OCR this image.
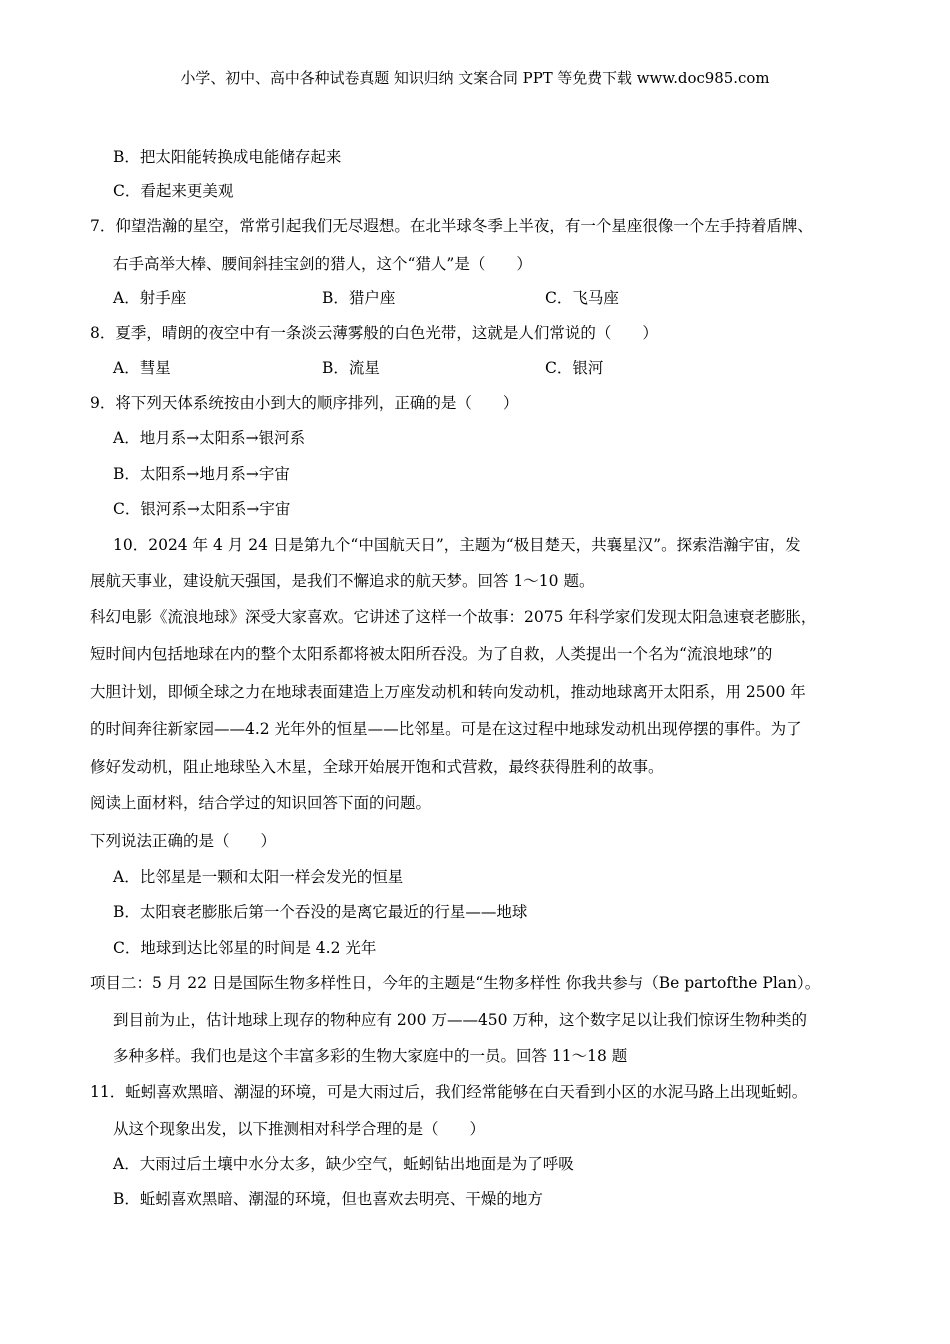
小学、初中、高中各种试卷真题 知识归纳 文案合同 PPT 等免费下载 www.doc985.com
B．把太阳能转换成电能储存起来
C．看起来更美观
7．仰望浩瀚的星空，常常引起我们无尽遐想。在北半球冬季上半夜，有一个星座很像一个左手持着盾牌、
右手高举大棒、腰间斜挂宝剑的猎人，这个“猎人”是（　　）
A．射手座	B．猎户座	C．飞马座
8．夏季，晴朗的夜空中有一条淡云薄雾般的白色光带，这就是人们常说的（　　）
A．彗星	B．流星	C．银河
9．将下列天体系统按由小到大的顺序排列，正确的是（　　）
A．地月系→太阳系→银河系
B．太阳系→地月系→宇宙
C．银河系→太阳系→宇宙
10．2024 年 4 月 24 日是第九个“中国航天日”，主题为“极目楚天，共襄星汉”。探索浩瀚宇宙，发
展航天事业，建设航天强国，是我们不懈追求的航天梦。回答 1～10 题。
科幻电影《流浪地球》深受大家喜欢。它讲述了这样一个故事：2075 年科学家们发现太阳急速衰老膨胀，
短时间内包括地球在内的整个太阳系都将被太阳所吞没。为了自救，人类提出一个名为“流浪地球”的
大胆计划，即倾全球之力在地球表面建造上万座发动机和转向发动机，推动地球离开太阳系，用 2500 年
的时间奔往新家园——4.2 光年外的恒星——比邻星。可是在这过程中地球发动机出现停摆的事件。为了
修好发动机，阻止地球坠入木星，全球开始展开饱和式营救，最终获得胜利的故事。
阅读上面材料，结合学过的知识回答下面的问题。
下列说法正确的是（　　）
A．比邻星是一颗和太阳一样会发光的恒星
B．太阳衰老膨胀后第一个吞没的是离它最近的行星——地球
C．地球到达比邻星的时间是 4.2 光年
项目二：5 月 22 日是国际生物多样性日，今年的主题是“生物多样性 你我共参与（Be partofthe Plan）。
到目前为止，估计地球上现存的物种应有 200 万——450 万种，这个数字足以让我们惊讶生物种类的
多种多样。我们也是这个丰富多彩的生物大家庭中的一员。回答 11～18 题
11．蚯蚓喜欢黑暗、潮湿的环境，可是大雨过后，我们经常能够在白天看到小区的水泥马路上出现蚯蚓。
从这个现象出发，以下推测相对科学合理的是（　　）
A．大雨过后土壤中水分太多，缺少空气，蚯蚓钻出地面是为了呼吸
B．蚯蚓喜欢黑暗、潮湿的环境，但也喜欢去明亮、干燥的地方
